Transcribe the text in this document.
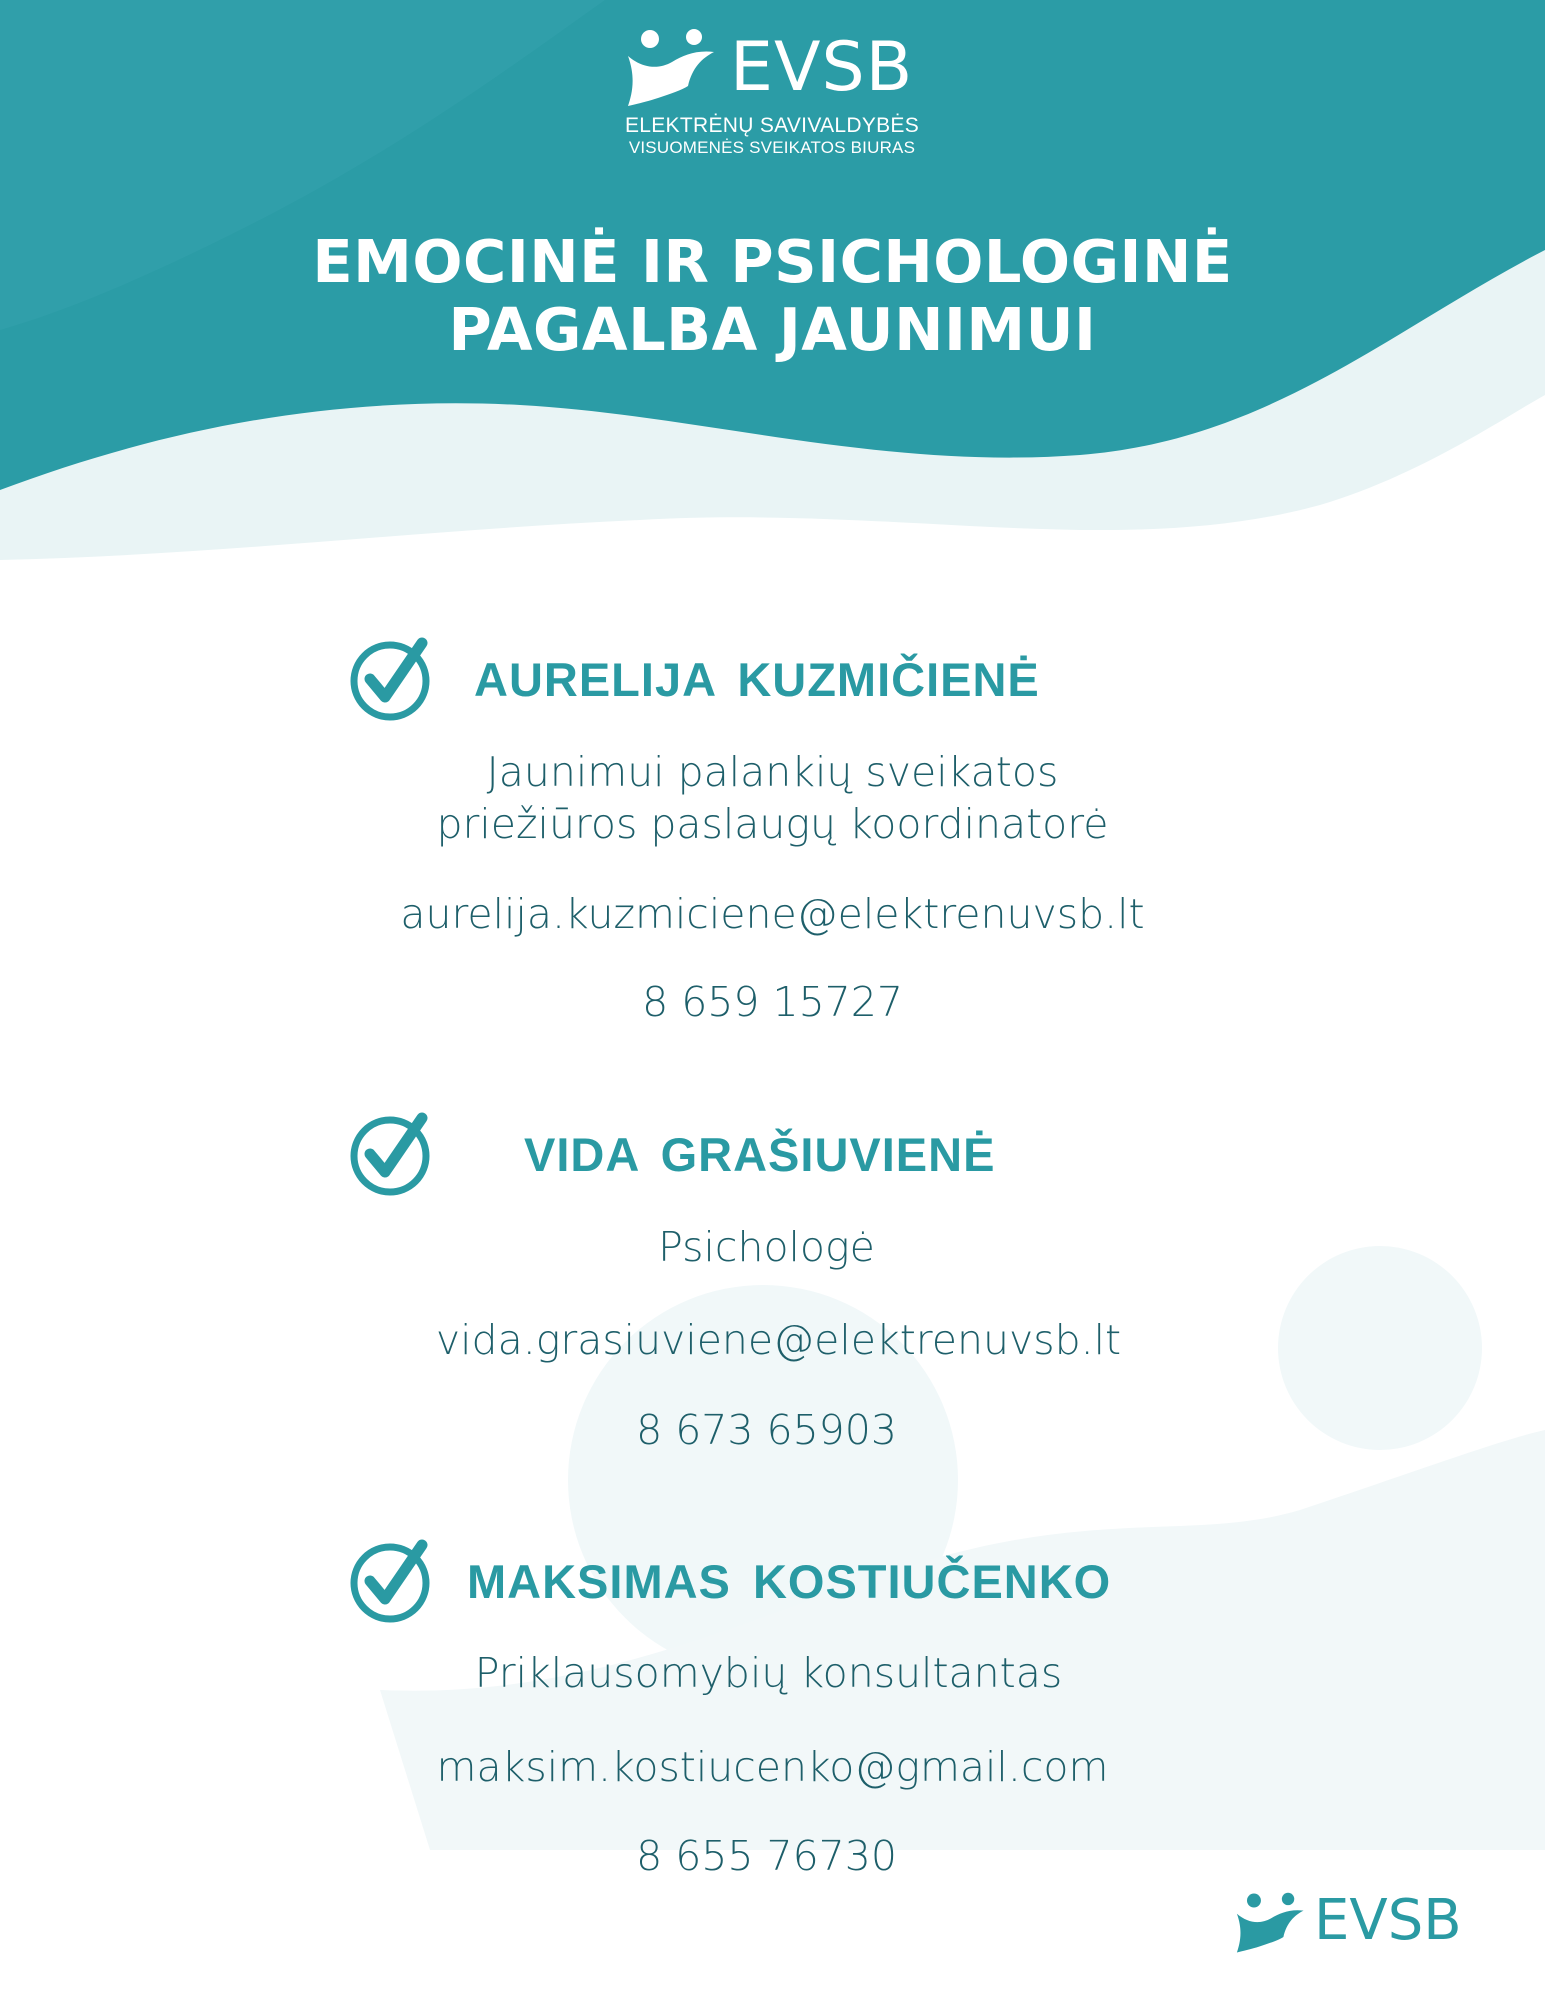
EVSB
ELEKTRĖNŲ SAVIVALDYBĖS
VISUOMENĖS SVEIKATOS BIURAS
EMOCINĖ IR PSICHOLOGINĖ
PAGALBA JAUNIMUI
AURELIJA KUZMIČIENĖ
Jaunimui palankių sveikatos
priežiūros paslaugų koordinatorė
aurelija.kuzmiciene@elektrenuvsb.lt
8 659 15727
VIDA GRAŠIUVIENĖ
Psichologė
vida.grasiuviene@elektrenuvsb.lt
8 673 65903
MAKSIMAS KOSTIUČENKO
Priklausomybių konsultantas
maksim.kostiucenko@gmail.com
8 655 76730
EVSB
